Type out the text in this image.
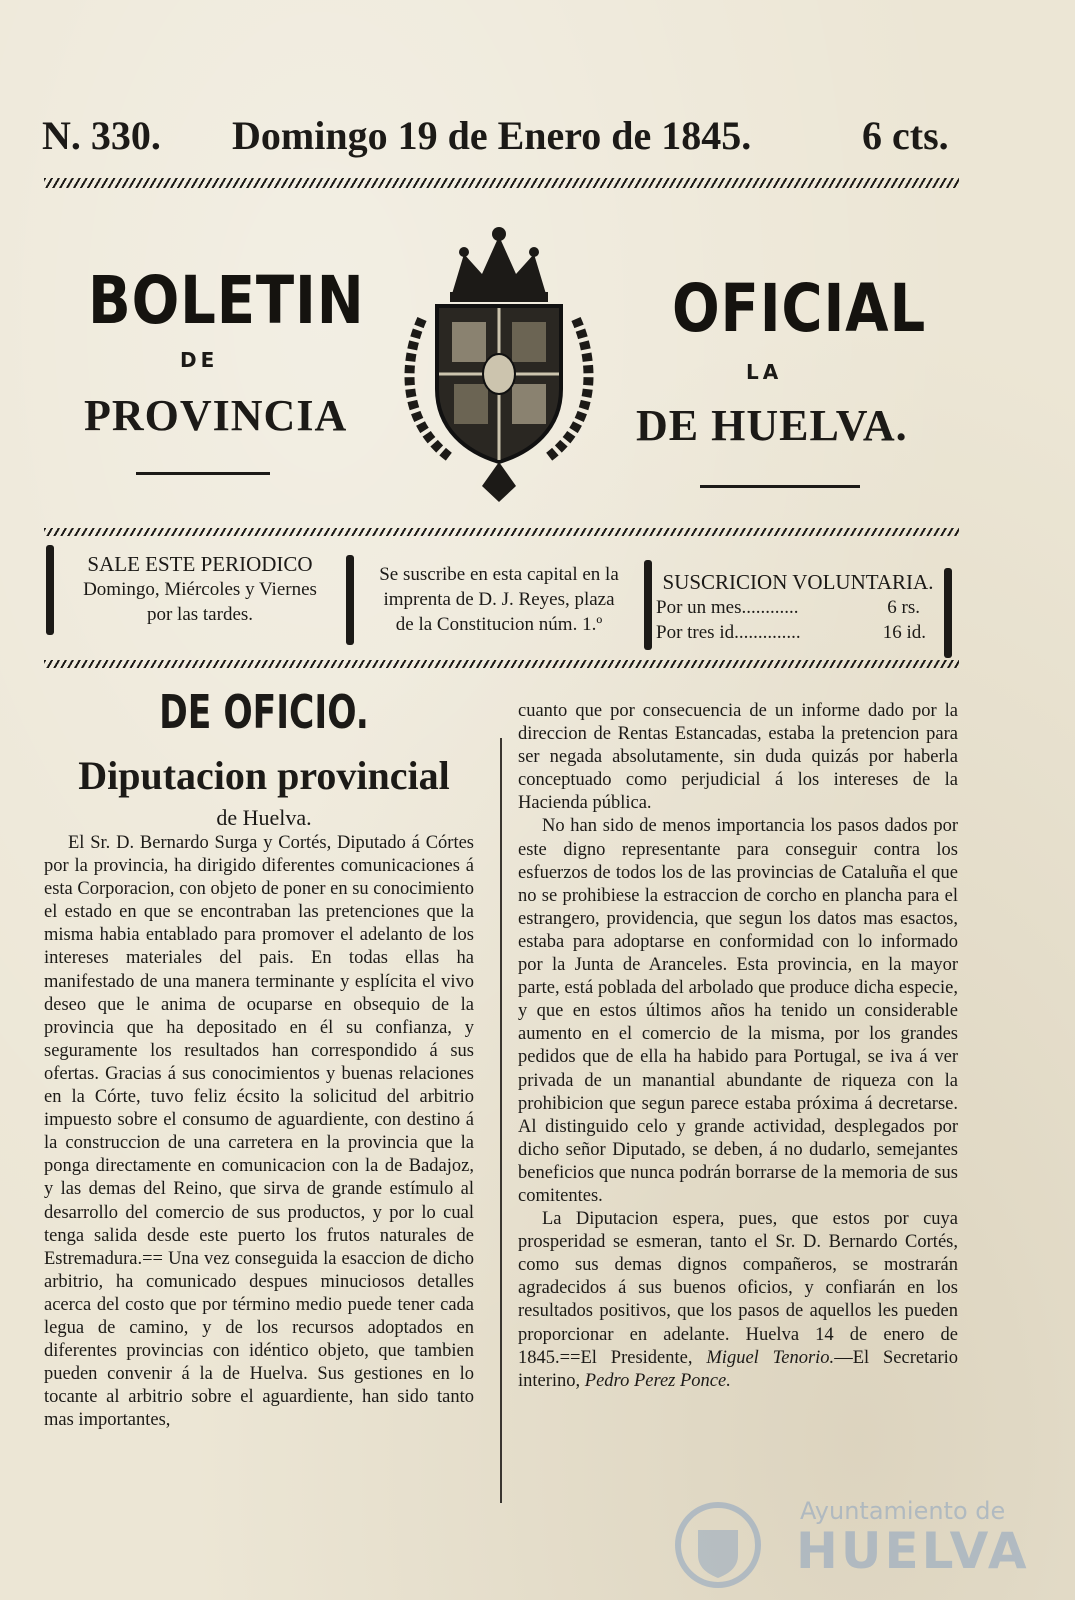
N. 330. Domingo 19 de Enero de 1845.	6 cts.
BOLETIN	OFICIAL
DE	LA
PROVINCIA	DE HUELVA.
SALE ESTE PERIODICO
Domingo, Miércoles y Viernes
por las tardes.
Se suscribe en esta capital en la
imprenta de D. J. Reyes, plaza
de la Constitucion núm. 1.º
SUSCRICION VOLUNTARIA.
Por un mes............	6 rs.
Por tres id..............	16 id.
DE OFICIO.
Diputacion provincial
de Huelva.

El Sr. D. Bernardo Surga y Cortés, Diputado á Córtes por la provincia, ha dirigido diferentes comunicaciones á esta Corporacion, con objeto de poner en su conocimiento el estado en que se encontraban las pretenciones que la misma habia entablado para promover el adelanto de los intereses materiales del pais. En todas ellas ha manifestado de una manera terminante y esplícita el vivo deseo que le anima de ocuparse en obsequio de la provincia que ha depositado en él su confianza, y seguramente los resultados han correspondido á sus ofertas. Gracias á sus conocimientos y buenas relaciones en la Córte, tuvo feliz écsito la solicitud del arbitrio impuesto sobre el consumo de aguardiente, con destino á la construccion de una carretera en la provincia que la ponga directamente en comunicacion con la de Badajoz, y las demas del Reino, que sirva de grande estímulo al desarrollo del comercio de sus productos, y por lo cual tenga salida desde este puerto los frutos naturales de Estremadura.== Una vez conseguida la esaccion de dicho arbitrio, ha comunicado despues minuciosos detalles acerca del costo que por término medio puede tener cada legua de camino, y de los recursos adoptados en diferentes provincias con idéntico objeto, que tambien pueden convenir á la de Huelva. Sus gestiones en lo tocante al arbitrio sobre el aguardiente, han sido tanto mas importantes,

cuanto que por consecuencia de un informe dado por la direccion de Rentas Estancadas, estaba la pretencion para ser negada absolutamente, sin duda quizás por haberla conceptuado como perjudicial á los intereses de la Hacienda pública.

No han sido de menos importancia los pasos dados por este digno representante para conseguir contra los esfuerzos de todos los de las provincias de Cataluña el que no se prohibiese la estraccion de corcho en plancha para el estrangero, providencia, que segun los datos mas esactos, estaba para adoptarse en conformidad con lo informado por la Junta de Aranceles. Esta provincia, en la mayor parte, está poblada del arbolado que produce dicha especie, y que en estos últimos años ha tenido un considerable aumento en el comercio de la misma, por los grandes pedidos que de ella ha habido para Portugal, se iva á ver privada de un manantial abundante de riqueza con la prohibicion que segun parece estaba próxima á decretarse. Al distinguido celo y grande actividad, desplegados por dicho señor Diputado, se deben, á no dudarlo, semejantes beneficios que nunca podrán borrarse de la memoria de sus comitentes.

La Diputacion espera, pues, que estos por cuya prosperidad se esmeran, tanto el Sr. D. Bernardo Cortés, como sus demas dignos compañeros, se mostrarán agradecidos á sus buenos oficios, y confiarán en los resultados positivos, que los pasos de aquellos les pueden proporcionar en adelante. Huelva 14 de enero de 1845.==El Presidente, Miguel Tenorio.—El Secretario interino, Pedro Perez Ponce.

Ayuntamiento de
HUELVA
